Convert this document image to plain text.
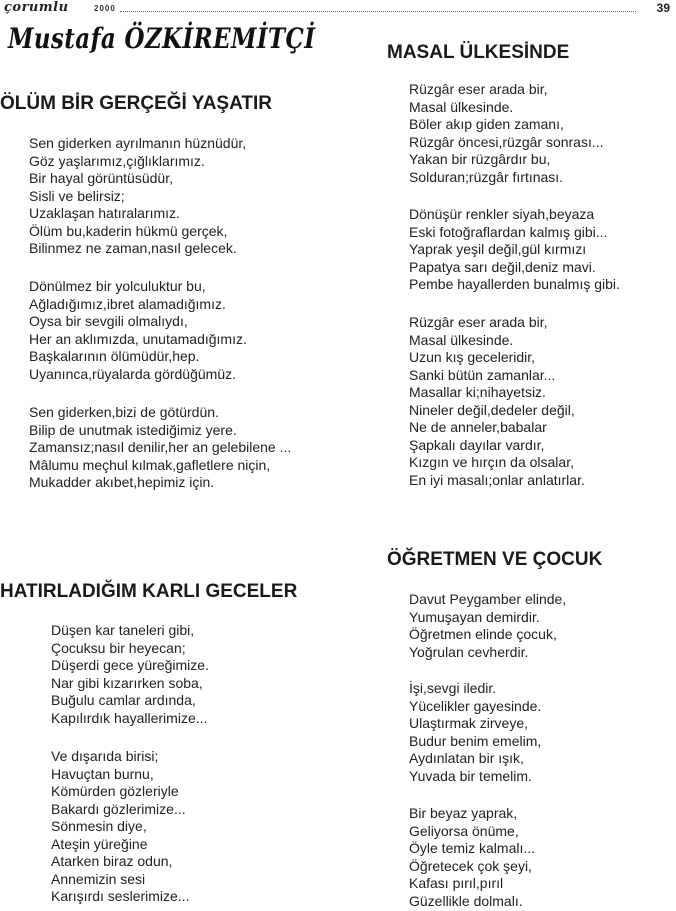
çorumlu	2000	39
Mustafa ÖZKİREMİTÇİ
ÖLÜM BİR GERÇEĞİ YAŞATIR
Sen giderken ayrılmanın hüznüdür,
Göz yaşlarımız,çığlıklarımız.
Bir hayal görüntüsüdür,
Sisli ve belirsiz;
Uzaklaşan hatıralarımız.
Ölüm bu,kaderin hükmü gerçek,
Bilinmez ne zaman,nasıl gelecek.
Dönülmez bir yolculuktur bu,
Ağladığımız,ibret alamadığımız.
Oysa bir sevgili olmalıydı,
Her an aklımızda, unutamadığımız.
Başkalarının ölümüdür,hep.
Uyanınca,rüyalarda gördüğümüz.
Sen giderken,bizi de götürdün.
Bilip de unutmak istediğimiz yere.
Zamansız;nasıl denilir,her an gelebilene ...
Mâlumu meçhul kılmak,gafletlere niçin,
Mukadder akıbet,hepimiz için.
HATIRLADIĞIM KARLI GECELER
Düşen kar taneleri gibi,
Çocuksu bir heyecan;
Düşerdi gece yüreğimize.
Nar gibi kızarırken soba,
Buğulu camlar ardında,
Kapılırdık hayallerimize...
Ve dışarıda birisi;
Havuçtan burnu,
Kömürden gözleriyle
Bakardı gözlerimize...
Sönmesin diye,
Ateşin yüreğine
Atarken biraz odun,
Annemizin sesi
Karışırdı seslerimize...
MASAL ÜLKESİNDE
Rüzgâr eser arada bir,
Masal ülkesinde.
Böler akıp giden zamanı,
Rüzgâr öncesi,rüzgâr sonrası...
Yakan bir rüzgârdır bu,
Solduran;rüzgâr fırtınası.
Dönüşür renkler siyah,beyaza
Eski fotoğraflardan kalmış gibi...
Yaprak yeşil değil,gül kırmızı
Papatya sarı değil,deniz mavi.
Pembe hayallerden bunalmış gibi.
Rüzgâr eser arada bir,
Masal ülkesinde.
Uzun kış geceleridir,
Sanki bütün zamanlar...
Masallar ki;nihayetsiz.
Nineler değil,dedeler değil,
Ne de anneler,babalar
Şapkalı dayılar vardır,
Kızgın ve hırçın da olsalar,
En iyi masalı;onlar anlatırlar.
ÖĞRETMEN VE ÇOCUK
Davut Peygamber elinde,
Yumuşayan demirdir.
Öğretmen elinde çocuk,
Yoğrulan cevherdir.
İşi,sevgi iledir.
Yücelikler gayesinde.
Ulaştırmak zirveye,
Budur benim emelim,
Aydınlatan bir ışık,
Yuvada bir temelim.
Bir beyaz yaprak,
Geliyorsa önüme,
Öyle temiz kalmalı...
Öğretecek çok şeyi,
Kafası pırıl,pırıl
Güzellikle dolmalı.
